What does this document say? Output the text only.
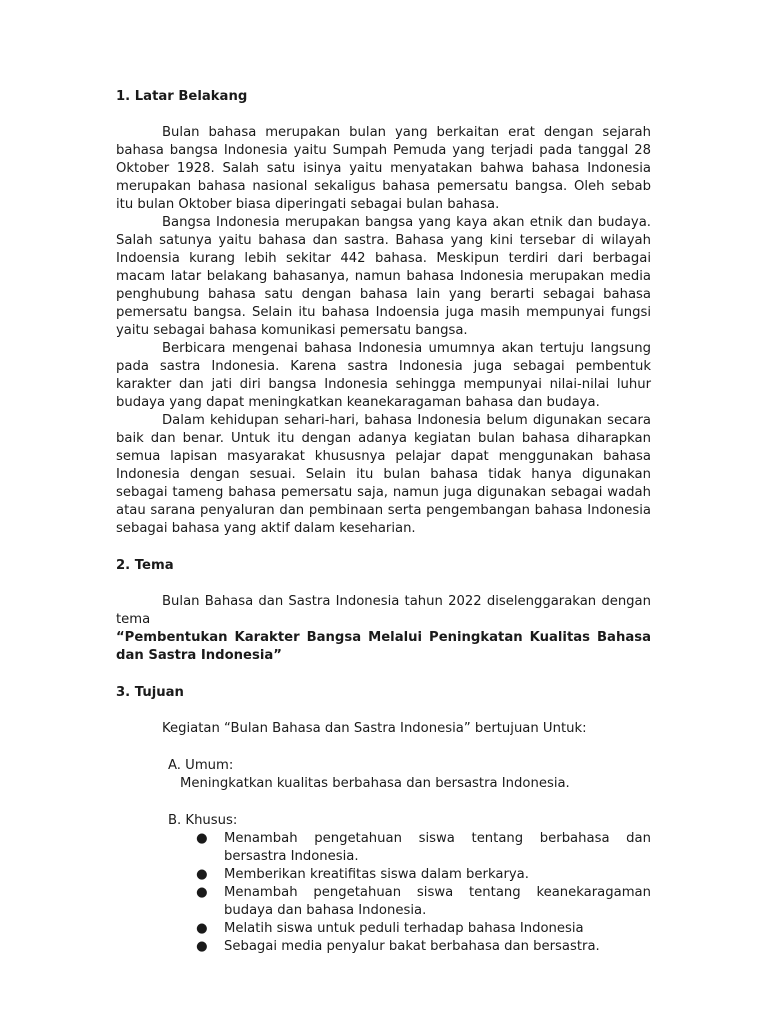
1. Latar Belakang

Bulan bahasa merupakan bulan yang berkaitan erat dengan sejarah bahasa bangsa Indonesia yaitu Sumpah Pemuda yang terjadi pada tanggal 28 Oktober 1928. Salah satu isinya yaitu menyatakan bahwa bahasa Indonesia merupakan bahasa nasional sekaligus bahasa pemersatu bangsa. Oleh sebab itu bulan Oktober biasa diperingati sebagai bulan bahasa.

Bangsa Indonesia merupakan bangsa yang kaya akan etnik dan budaya. Salah satunya yaitu bahasa dan sastra. Bahasa yang kini tersebar di wilayah Indoensia kurang lebih sekitar 442 bahasa. Meskipun terdiri dari berbagai macam latar belakang bahasanya, namun bahasa Indonesia merupakan media penghubung bahasa satu dengan bahasa lain yang berarti sebagai bahasa pemersatu bangsa. Selain itu bahasa Indoensia juga masih mempunyai fungsi yaitu sebagai bahasa komunikasi pemersatu bangsa.

Berbicara mengenai bahasa Indonesia umumnya akan tertuju langsung pada sastra Indonesia. Karena sastra Indonesia juga sebagai pembentuk karakter dan jati diri bangsa Indonesia sehingga mempunyai nilai-nilai luhur budaya yang dapat meningkatkan keanekaragaman bahasa dan budaya.

Dalam kehidupan sehari-hari, bahasa Indonesia belum digunakan secara baik dan benar. Untuk itu dengan adanya kegiatan bulan bahasa diharapkan semua lapisan masyarakat khususnya pelajar dapat menggunakan bahasa Indonesia dengan sesuai. Selain itu bulan bahasa tidak hanya digunakan sebagai tameng bahasa pemersatu saja, namun juga digunakan sebagai wadah atau sarana penyaluran dan pembinaan serta pengembangan bahasa Indonesia sebagai bahasa yang aktif dalam keseharian.

2. Tema

Bulan Bahasa dan Sastra Indonesia tahun 2022 diselenggarakan dengan tema

“Pembentukan Karakter Bangsa Melalui Peningkatan Kualitas Bahasa dan Sastra Indonesia”

3. Tujuan

Kegiatan “Bulan Bahasa dan Sastra Indonesia” bertujuan Untuk:

A. Umum:

Meningkatkan kualitas berbahasa dan bersastra Indonesia.

B. Khusus:

●	Menambah pengetahuan siswa tentang berbahasa dan bersastra Indonesia.
●	Memberikan kreatifitas siswa dalam berkarya.
●	Menambah pengetahuan siswa tentang keanekaragaman budaya dan bahasa Indonesia.
●	Melatih siswa untuk peduli terhadap bahasa Indonesia
●	Sebagai media penyalur bakat berbahasa dan bersastra.
